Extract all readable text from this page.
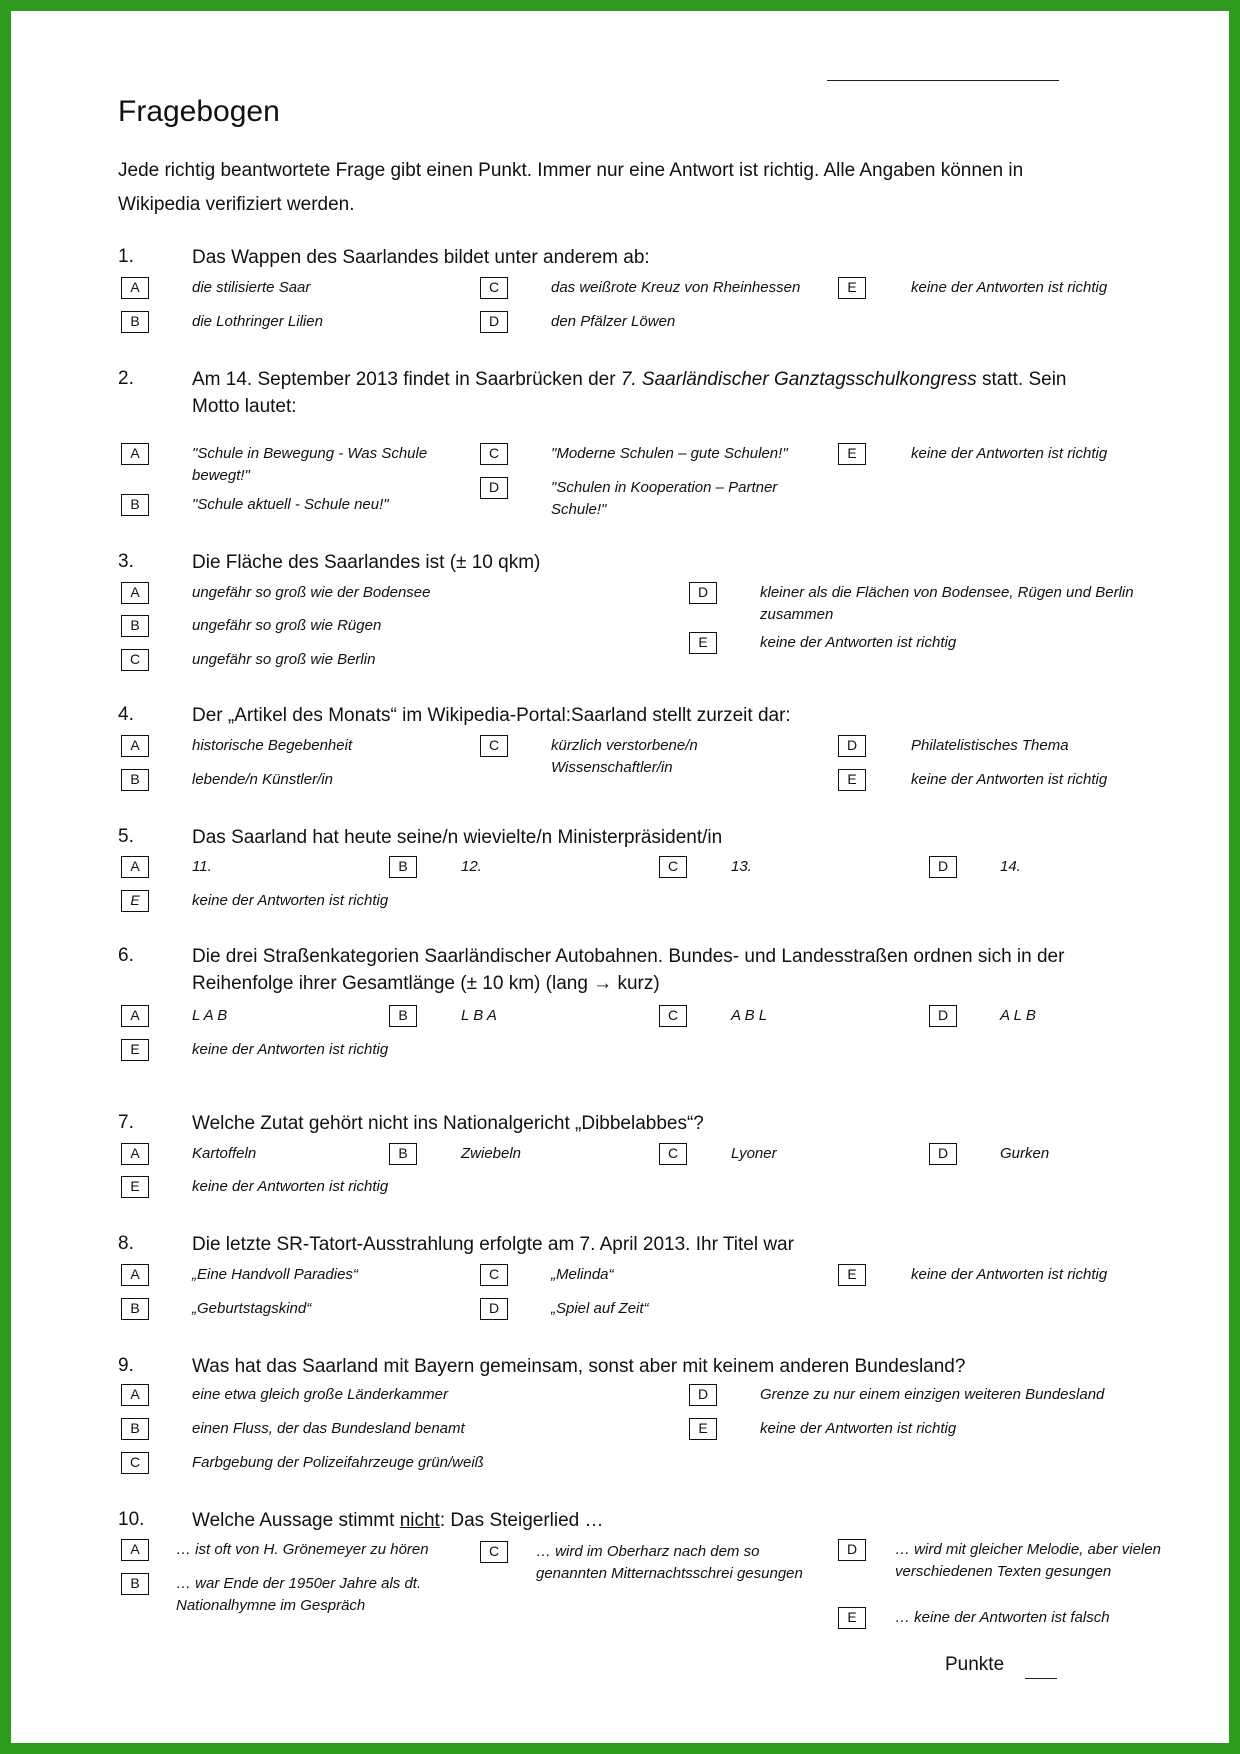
Fragebogen
Jede richtig beantwortete Frage gibt einen Punkt. Immer nur eine Antwort ist richtig. Alle Angaben können in
Wikipedia verifiziert werden.
1.	Das Wappen des Saarlandes bildet unter anderem ab:
A	die stilisierte Saar
B	die Lothringer Lilien
C	das weißrote Kreuz von Rheinhessen
D	den Pfälzer Löwen
E	keine der Antworten ist richtig
2.	Am 14. September 2013 findet in Saarbrücken der 7. Saarländischer Ganztagsschulkongress statt. Sein
Motto lautet:
A	"Schule in Bewegung - Was Schule bewegt!"
B	"Schule aktuell - Schule neu!"
C	"Moderne Schulen – gute Schulen!"
D	"Schulen in Kooperation – Partner Schule!"
E	keine der Antworten ist richtig
3.	Die Fläche des Saarlandes ist (± 10 qkm)
A	ungefähr so groß wie der Bodensee
B	ungefähr so groß wie Rügen
C	ungefähr so groß wie Berlin
D	kleiner als die Flächen von Bodensee, Rügen und Berlin zusammen
E	keine der Antworten ist richtig
4.	Der „Artikel des Monats“ im Wikipedia-Portal:Saarland stellt zurzeit dar:
A	historische Begebenheit
B	lebende/n Künstler/in
C	kürzlich verstorbene/n Wissenschaftler/in
D	Philatelistisches Thema
E	keine der Antworten ist richtig
5.	Das Saarland hat heute seine/n wievielte/n Ministerpräsident/in
A	11.	B	12.	C	13.	D	14.
E	keine der Antworten ist richtig
6.	Die drei Straßenkategorien Saarländischer Autobahnen. Bundes- und Landesstraßen ordnen sich in der
Reihenfolge ihrer Gesamtlänge (± 10 km) (lang → kurz)
A	L A B	B	L B A	C	A B L	D	A L B
E	keine der Antworten ist richtig
7.	Welche Zutat gehört nicht ins Nationalgericht „Dibbelabbes“?
A	Kartoffeln	B	Zwiebeln	C	Lyoner	D	Gurken
E	keine der Antworten ist richtig
8.	Die letzte SR-Tatort-Ausstrahlung erfolgte am 7. April 2013. Ihr Titel war
A	„Eine Handvoll Paradies“
B	„Geburtstagskind“
C	„Melinda“
D	„Spiel auf Zeit“
E	keine der Antworten ist richtig
9.	Was hat das Saarland mit Bayern gemeinsam, sonst aber mit keinem anderen Bundesland?
A	eine etwa gleich große Länderkammer
B	einen Fluss, der das Bundesland benamt
C	Farbgebung der Polizeifahrzeuge grün/weiß
D	Grenze zu nur einem einzigen weiteren Bundesland
E	keine der Antworten ist richtig
10.	Welche Aussage stimmt nicht: Das Steigerlied …
A	… ist oft von H. Grönemeyer zu hören
B	… war Ende der 1950er Jahre als dt. Nationalhymne im Gespräch
C	… wird im Oberharz nach dem so genannten Mitternachtsschrei gesungen
D	… wird mit gleicher Melodie, aber vielen verschiedenen Texten gesungen
E	… keine der Antworten ist falsch
Punkte
